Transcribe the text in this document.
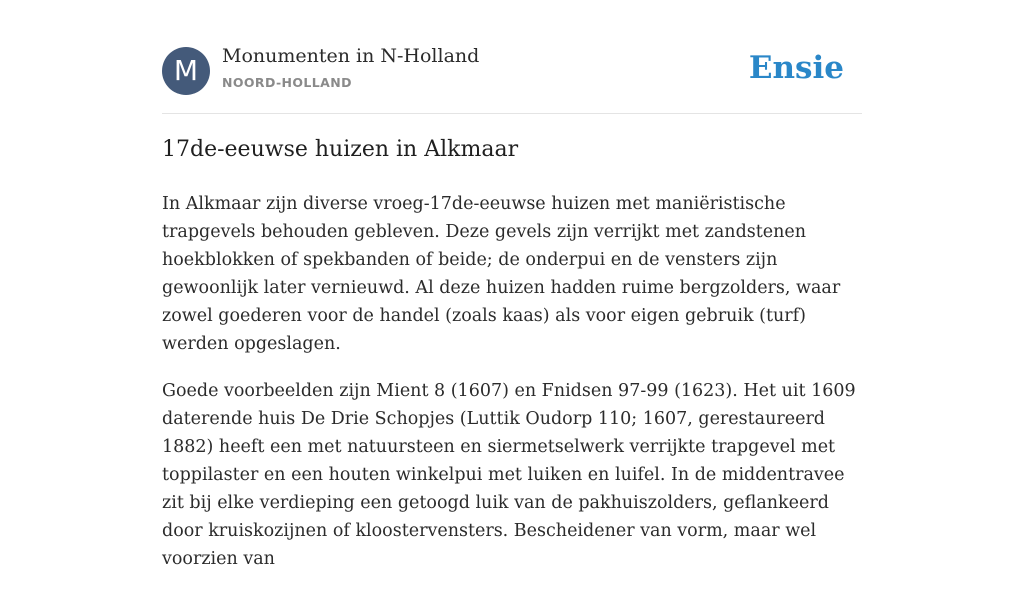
M	Monumenten in N-Holland
NOORD-HOLLAND	Ensie
17de-eeuwse huizen in Alkmaar

In Alkmaar zijn diverse vroeg-17de-eeuwse huizen met maniëristische trapgevels behouden gebleven. Deze gevels zijn verrijkt met zandstenen hoekblokken of spekbanden of beide; de onderpui en de vensters zijn gewoonlijk later vernieuwd. Al deze huizen hadden ruime bergzolders, waar zowel goederen voor de handel (zoals kaas) als voor eigen gebruik (turf) werden opgeslagen.

Goede voorbeelden zijn Mient 8 (1607) en Fnidsen 97-99 (1623). Het uit 1609 daterende huis De Drie Schopjes (Luttik Oudorp 110; 1607, gerestaureerd 1882) heeft een met natuursteen en siermetselwerk verrijkte trapgevel met toppilaster en een houten winkelpui met luiken en luifel. In de middentravee zit bij elke verdieping een getoogd luik van de pakhuiszolders, geflankeerd door kruiskozijnen of kloostervensters. Bescheidener van vorm, maar wel voorzien van
